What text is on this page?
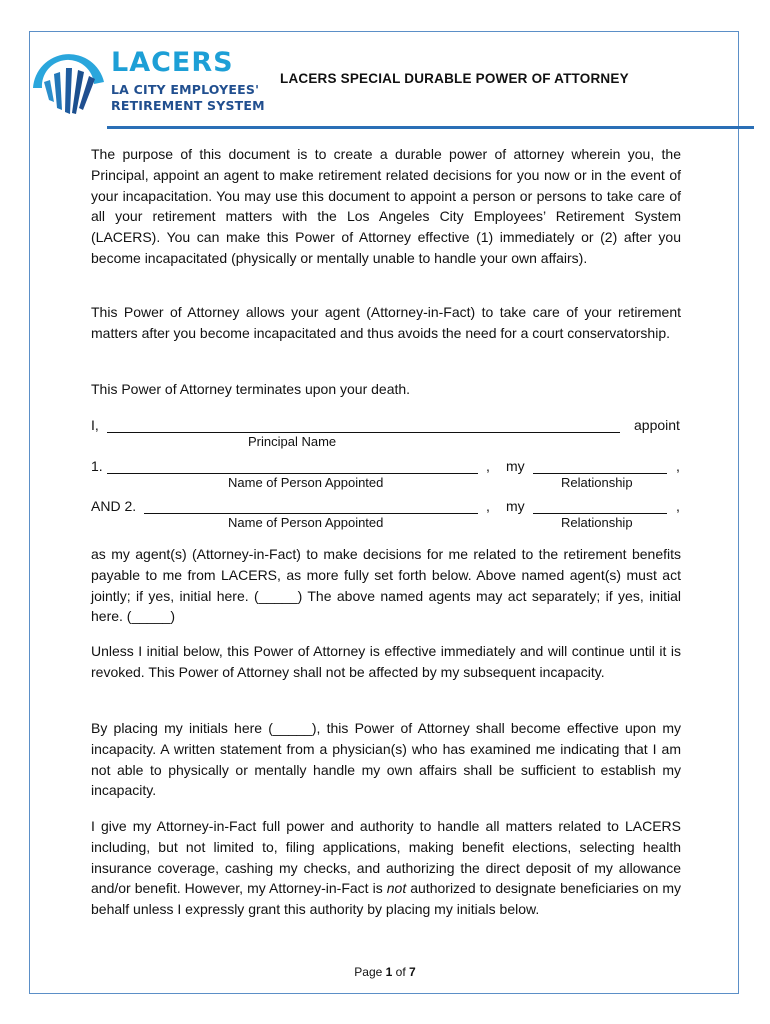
LACERS
LA CITY EMPLOYEES'
RETIREMENT SYSTEM
LACERS SPECIAL DURABLE POWER OF ATTORNEY

The purpose of this document is to create a durable power of attorney wherein you, the Principal, appoint an agent to make retirement related decisions for you now or in the event of your incapacitation. You may use this document to appoint a person or persons to take care of all your retirement matters with the Los Angeles City Employees’ Retirement System (LACERS). You can make this Power of Attorney effective (1) immediately or (2) after you become incapacitated (physically or mentally unable to handle your own affairs).

This Power of Attorney allows your agent (Attorney-in-Fact) to take care of your retirement matters after you become incapacitated and thus avoids the need for a court conservatorship.

This Power of Attorney terminates upon your death.

I,	appoint
Principal Name
1.	, my	,
Name of Person Appointed	Relationship
AND 2.	, my	,
Name of Person Appointed	Relationship

as my agent(s) (Attorney-in-Fact) to make decisions for me related to the retirement benefits payable to me from LACERS, as more fully set forth below. Above named agent(s) must act jointly; if yes, initial here. (_____) The above named agents may act separately; if yes, initial here. (_____)

Unless I initial below, this Power of Attorney is effective immediately and will continue until it is revoked. This Power of Attorney shall not be affected by my subsequent incapacity.

By placing my initials here (_____), this Power of Attorney shall become effective upon my incapacity. A written statement from a physician(s) who has examined me indicating that I am not able to physically or mentally handle my own affairs shall be sufficient to establish my incapacity.

I give my Attorney-in-Fact full power and authority to handle all matters related to LACERS including, but not limited to, filing applications, making benefit elections, selecting health insurance coverage, cashing my checks, and authorizing the direct deposit of my allowance and/or benefit. However, my Attorney-in-Fact is not authorized to designate beneficiaries on my behalf unless I expressly grant this authority by placing my initials below.

Page 1 of 7
